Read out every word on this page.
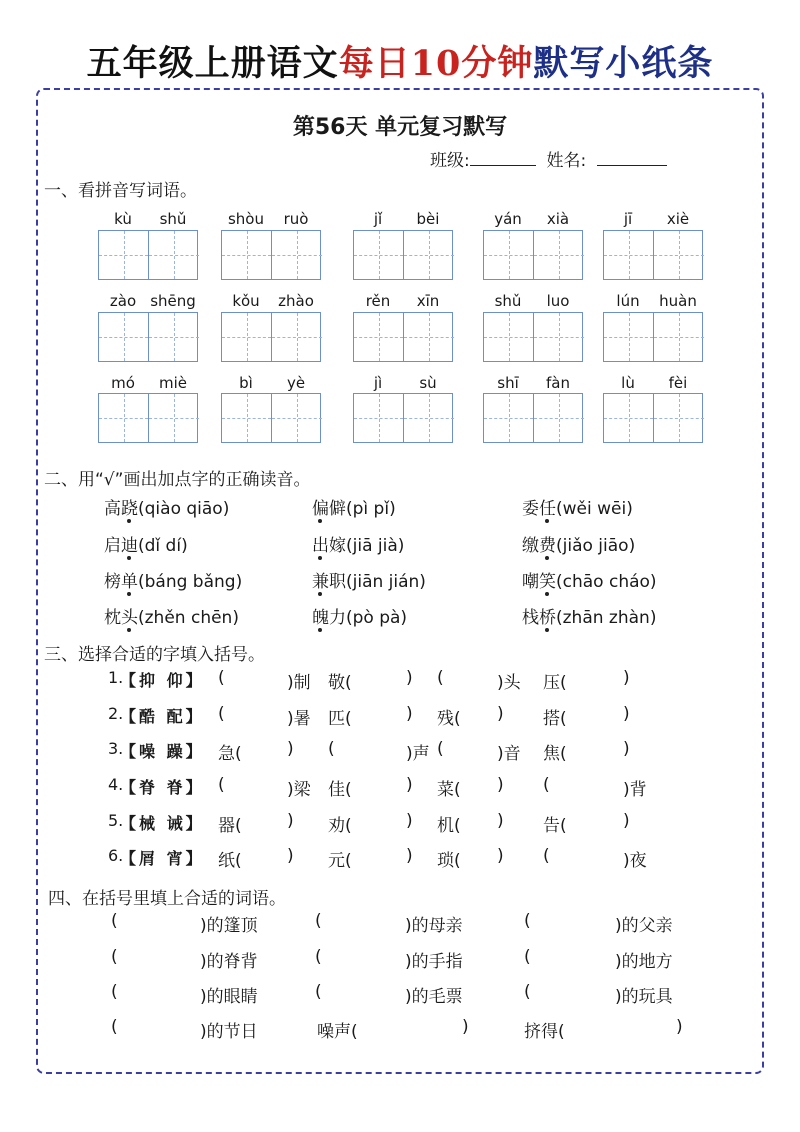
五年级上册语文每日10分钟默写小纸条
第56天 单元复习默写
班级:	姓名:
一、看拼音写词语。
kù	shǔ	shòu	ruò	jǐ	bèi	yán	xià	jī	xiè
zào shēng	kǒu	zhào	rěn	xīn	shǔ	luo	lún	huàn
mó	miè	bì	yè	jì	sù	shī	fàn	lù	fèi
二、用“√”画出加点字的正确读音。
高跷(qiào qiāo)	偏僻(pì pǐ)	委任(wěi wēi)
启迪(dǐ dí)	出嫁(jiā jià)	缴费(jiǎo jiāo)
榜单(báng bǎng)	兼职(jiān jián)	嘲笑(chāo cháo)
枕头(zhěn chēn)	魄力(pò pà)	栈桥(zhān zhàn)
三、选择合适的字填入括号。
1.
【抑 仰】 (	)制 敬(	) (	)头 压(	)
2.
【酷 配】 (	)暑 匹(	) 残( ) 搭(	)
3.
【噪 躁】 急(	) (	)声 (	)音 焦(	)
4.
【脊 脊】 (	)梁 佳(	) 菜( ) (	)背
5.
【械 诫】 器(	) 劝(	) 机( ) 告(	)
6.
【屑 宵】 纸(	) 元(	) 琐( ) (	)夜
四、在括号里填上合适的词语。
(	)的篷顶	(	)的母亲	(	)的父亲
(	)的脊背	(	)的手指	(	)的地方
(	)的眼睛	(	)的毛票	(	)的玩具
(	)的节日	噪声(	)	挤得(	)
